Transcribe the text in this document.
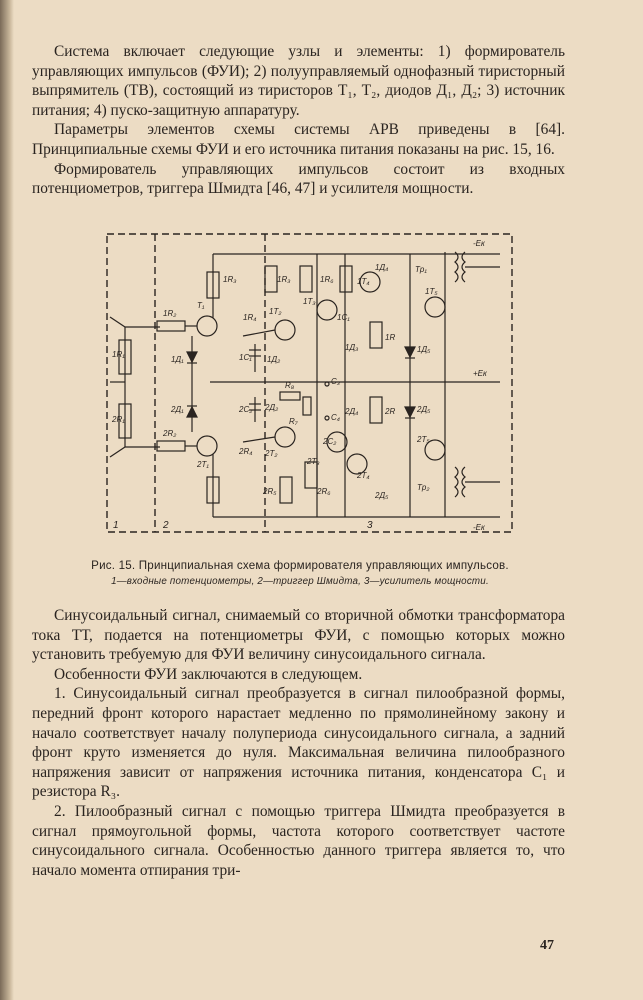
Система включает следующие узлы и элементы: 1) формирователь управляющих импульсов (ФУИ); 2) полууправляемый однофазный тиристорный выпрямитель (ТВ), состоящий из тиристоров Т₁, Т₂, диодов Д₁, Д₂; 3) источник питания; 4) пуско-защитную аппаратуру.

Параметры элементов схемы системы АРВ приведены в [64]. Принципиальные схемы ФУИ и его источника питания показаны на рис. 15, 16.

Формирователь управляющих импульсов состоит из входных потенциометров, триггера Шмидта [46, 47] и усилителя мощности.

1	2	3
1R₁
2R₁
1R₂
2R₂
T₁
2T₁
1Д₁
2Д₁
1R₃
1R₄
1T₂
1C₁ 1Д₂
2C₂ 2Д₂
2R₄ 2T₂
2R₅
1R₃	1R₆
1T₃
1C₁
1Д₃
2Д₄
2C₂
2T₃
2R₆
1Д₄
1T₄
1R
2R
2T₄
2Д₅
Tp₁
1T₅
1Д₅
2Д₅
2T₅
Tp₂
R₈
R₇
C₃
C₄
-Eк
+Eк
-Eк
Рис. 15. Принципиальная схема формирователя управляющих импульсов.
1—входные потенциометры, 2—триггер Шмидта, 3—усилитель мощности.

Синусоидальный сигнал, снимаемый со вторичной обмотки трансформатора тока ТТ, подается на потенциометры ФУИ, с помощью которых можно установить требуемую для ФУИ величину синусоидального сигнала.

Особенности ФУИ заключаются в следующем.

1. Синусоидальный сигнал преобразуется в сигнал пилообразной формы, передний фронт которого нарастает медленно по прямолинейному закону и начало соответствует началу полупериода синусоидального сигнала, а задний фронт круто изменяется до нуля. Максимальная величина пилообразного напряжения зависит от напряжения источника питания, конденсатора С₁ и резистора R₃.

2. Пилообразный сигнал с помощью триггера Шмидта преобразуется в сигнал прямоугольной формы, частота которого соответствует частоте синусоидального сигнала. Особенностью данного триггера является то, что начало момента отпирания три-

47
